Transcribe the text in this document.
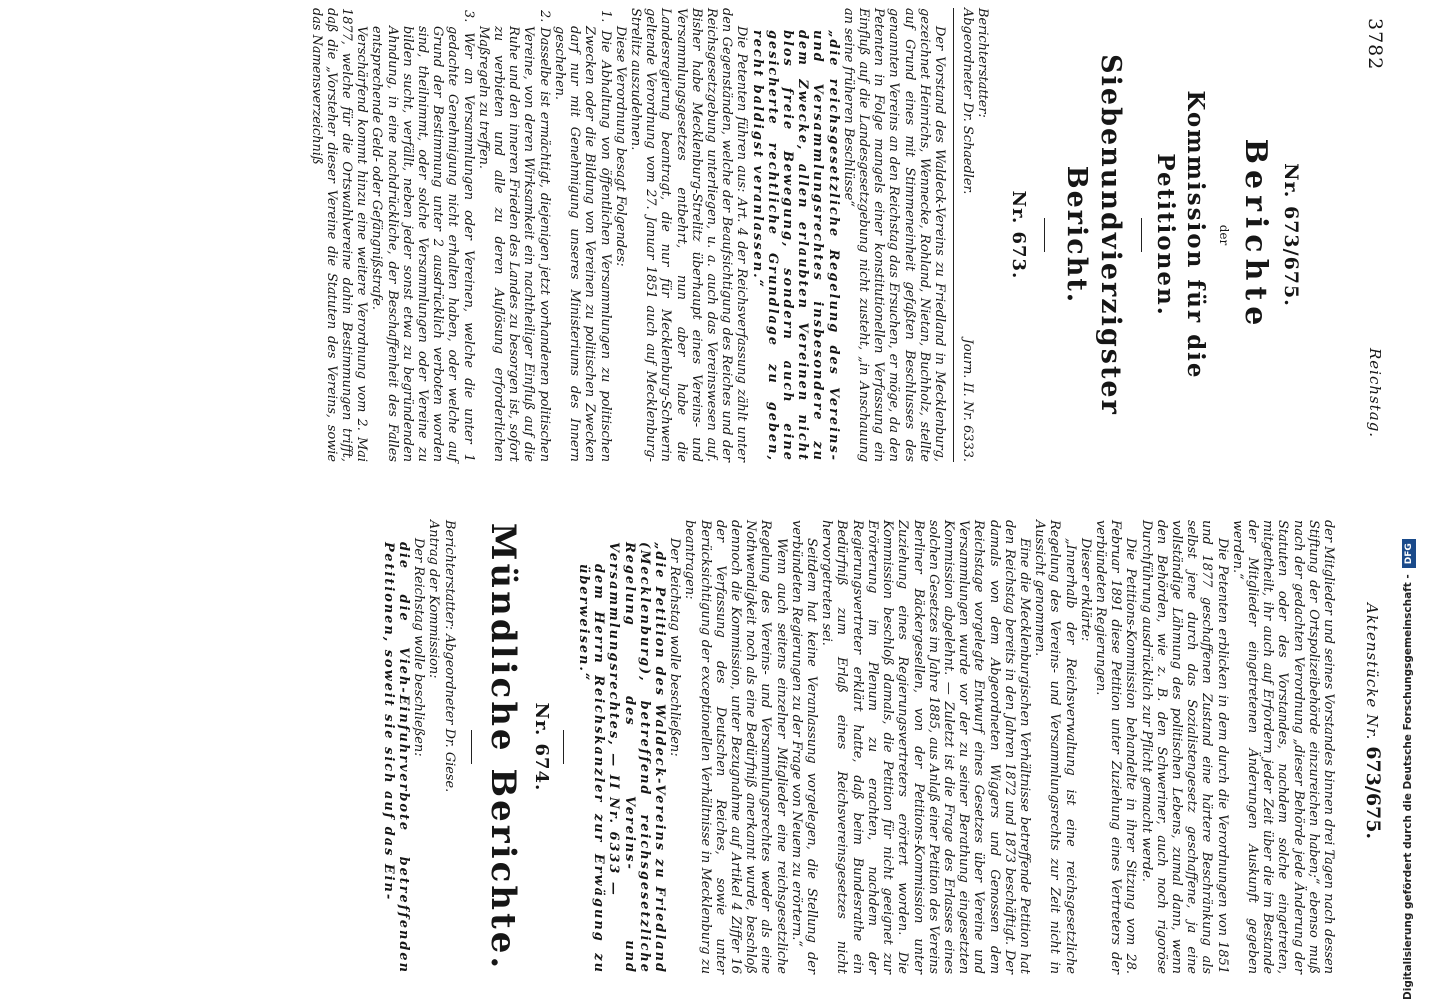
3782
Reichstag.
Aktenstücke Nr. 673/675.
Nr. 673/675.
Berichte
der
Kommission für die Petitionen.
Siebenundvierzigster Bericht.
Nr. 673.
Berichterstatter:
Abgeordneter Dr. Schaedler.
Journ. II. Nr. 6333.

Der Vorstand des Waldeck-Vereins zu Friedland in Mecklenburg, gezeichnet Heinrichs, Wennecke, Rohland, Nietan, Buchholz, stellte auf Grund eines mit Stimmeneinheit gefaßten Beschlusses des genannten Vereins an den Reichstag das Ersuchen, er möge, da den Petenten in Folge mangels einer konstitutionellen Verfassung ein Einfluß auf die Landesgesetzgebung nicht zusteht, „in Anschauung an seine früheren Beschlüsse“

„die reichsgesetzliche Regelung des Vereins- und Versammlungsrechtes insbesondere zu dem Zwecke, allen erlaubten Vereinen nicht blos freie Bewegung, sondern auch eine gesicherte rechtliche Grundlage zu geben, recht baldigst veranlassen.“

Die Petenten führen aus: Art. 4 der Reichsverfassung zählt unter den Gegenständen, welche der Beaufsichtigung des Reiches und der Reichsgesetzgebung unterliegen, u. a. auch das Vereinswesen auf. Bisher habe Mecklenburg-Strelitz überhaupt eines Vereins- und Versammlungsgesetzes entbehrt, nun aber habe die Landesregierung beantragt, die nur für Mecklenburg-Schwerin geltende Verordnung vom 27. Januar 1851 auch auf Mecklenburg-Strelitz auszudehnen.

Diese Verordnung besagt Folgendes:

1. Die Abhaltung von öffentlichen Versammlungen zu politischen Zwecken oder die Bildung von Vereinen zu politischen Zwecken darf nur mit Genehmigung unseres Ministeriums des Innern geschehen.

2. Dasselbe ist ermächtigt, diejenigen jetzt vorhandenen politischen Vereine, von deren Wirksamkeit ein nachtheiliger Einfluß auf die Ruhe und den inneren Frieden des Landes zu besorgen ist, sofort zu verbieten und alle zu deren Auflösung erforderlichen Maßregeln zu treffen.

3. Wer an Versammlungen oder Vereinen, welche die unter 1 gedachte Genehmigung nicht erhalten haben, oder welche auf Grund der Bestimmung unter 2 ausdrücklich verboten worden sind, theilnimmt, oder solche Versammlungen oder Vereine zu bilden sucht, verfällt, neben jeder sonst etwa zu begründenden Ahndung, in eine nachdrückliche, der Beschaffenheit des Falles entsprechende Geld- oder Gefängnißstrafe.

Verschärfend kommt hinzu eine weitere Verordnung vom 2. Mai 1877, welche für die Ortswahlvereine dahin Bestimmungen trifft, daß die „Vorsteher dieser Vereine die Statuten des Vereins, sowie das Namensverzeichniß

der Mitglieder und seines Vorstandes binnen drei Tagen nach dessen Stiftung der Ortspolizeibehörde einzureichen haben;“ ebenso muß nach der gedachten Verordnung „dieser Behörde jede Änderung der Statuten oder des Vorstandes, nachdem solche eingetreten, mitgetheilt, ihr auch auf Erfordern jeder Zeit über die im Bestande der Mitglieder eingetretenen Änderungen Auskunft gegeben werden.“

Die Petenten erblicken in dem durch die Verordnungen von 1851 und 1877 geschaffenen Zustand eine härtere Beschränkung als selbst jene durch das Sozialistengesetz geschaffene, ja eine vollständige Lähmung des politischen Lebens, zumal dann, wenn den Behörden, wie z. B. den Schweriner, auch noch rigoröse Durchführung ausdrücklich zur Pflicht gemacht werde.

Die Petitions-Kommission behandelte in ihrer Sitzung vom 28. Februar 1891 diese Petition unter Zuziehung eines Vertreters der verbündeten Regierungen.

Dieser erklärte:

„Innerhalb der Reichsverwaltung ist eine reichsgesetzliche Regelung des Vereins- und Versammlungsrechts zur Zeit nicht in Aussicht genommen.

Eine die Mecklenburgischen Verhältnisse betreffende Petition hat den Reichstag bereits in den Jahren 1872 und 1873 beschäftigt. Der damals von dem Abgeordneten Wiggers und Genossen dem Reichstage vorgelegte Entwurf eines Gesetzes über Vereine und Versammlungen wurde vor der zu seiner Berathung eingesetzten Kommission abgelehnt. — Zuletzt ist die Frage des Erlasses eines solchen Gesetzes im Jahre 1885, aus Anlaß einer Petition des Vereins Berliner Bäckergesellen, von der Petitions-Kommission unter Zuziehung eines Regierungsvertreters erörtert worden. Die Kommission beschloß damals, die Petition für nicht geeignet zur Erörterung im Plenum zu erachten, nachdem der Regierungsvertreter erklärt hatte, daß beim Bundesrathe ein Bedürfniß zum Erlaß eines Reichsvereinsgesetzes nicht hervorgetreten sei.

Seitdem hat keine Veranlassung vorgelegen, die Stellung der verbündeten Regierungen zu der Frage von Neuem zu erörtern.“

Wenn auch seitens einzelner Mitglieder eine reichsgesetzliche Regelung des Vereins- und Versammlungsrechtes weder als eine Nothwendigkeit noch als eine Bedürfniß anerkannt wurde, beschloß dennoch die Kommission, unter Bezugnahme auf Artikel 4 Ziffer 16 der Verfassung des Deutschen Reiches, sowie unter Berücksichtigung der exceptionellen Verhältnisse in Mecklenburg zu beantragen:

Der Reichstag wolle beschließen:

„die Petition des Waldeck-Vereins zu Friedland (Mecklenburg), betreffend reichsgesetzliche Regelung des Vereins- und Versammlungsrechtes, — II Nr. 6333 —

dem Herrn Reichskanzler zur Erwägung zu überweisen.“

Nr. 674.
Mündliche Berichte.

Berichterstatter: Abgeordneter Dr. Giese.

Antrag der Kommission:

Der Reichstag wolle beschließen:

die die Vieh-Einfuhrverbote betreffenden Petitionen, soweit sie sich auf das Ein-	Digitalisierung gefördert durch die Deutsche Forschungsgemeinschaft -DFG
